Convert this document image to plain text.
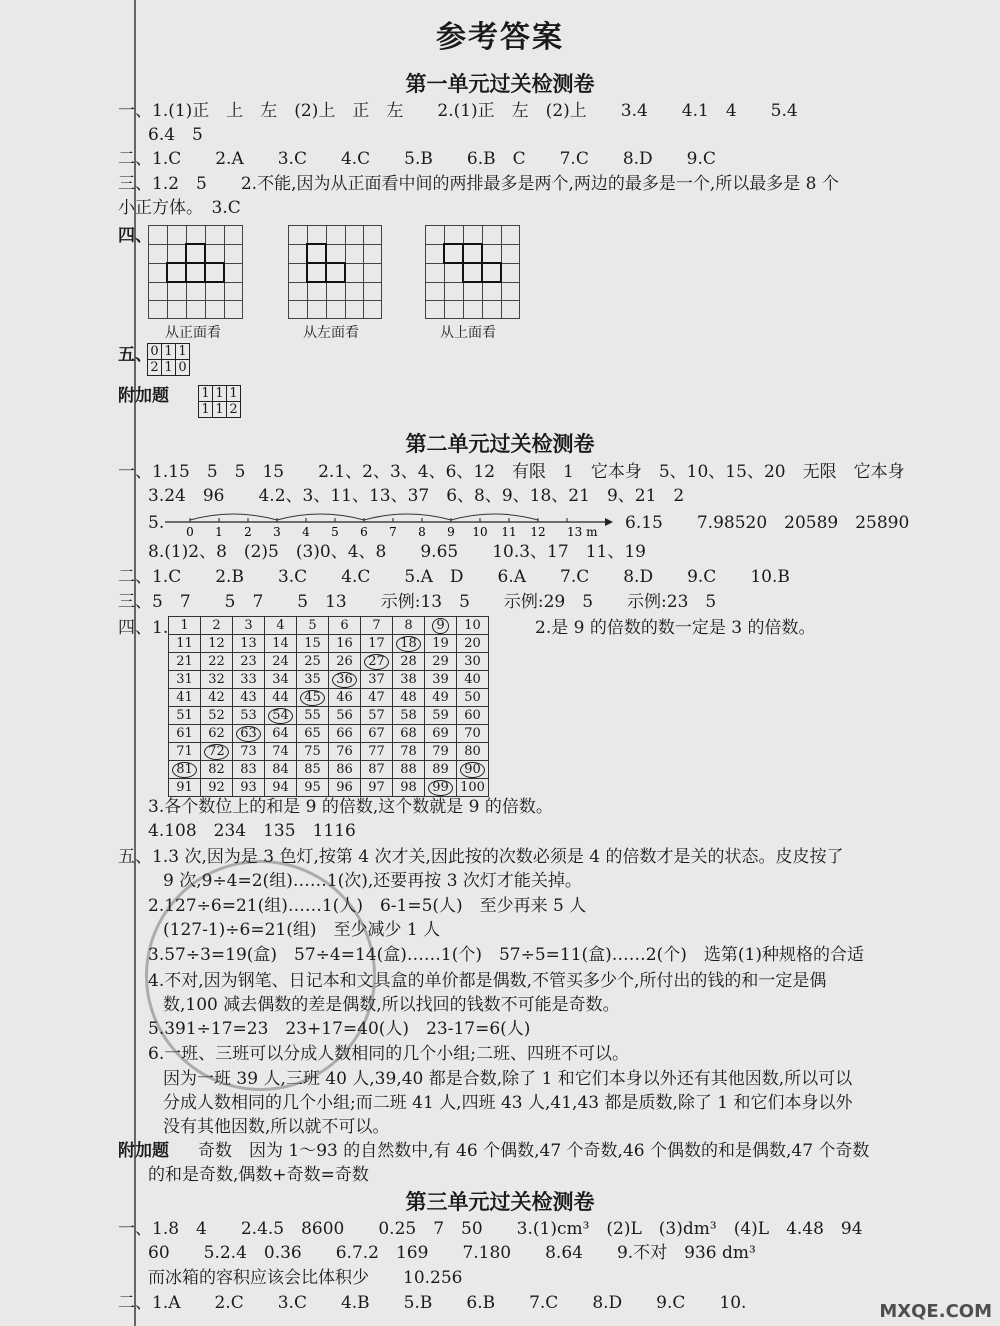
参考答案
第一单元过关检测卷
一、1.(1)正　上　左　(2)上　正　左　　2.(1)正　左　(2)上　　3.4　　4.1　4　　5.4
6.4　5
二、1.C　　2.A　　3.C　　4.C　　5.B　　6.B　C　　7.C　　8.D　　9.C
三、1.2　5　　2.不能,因为从正面看中间的两排最多是两个,两边的最多是一个,所以最多是 8 个
小正方体。　3.C
四、

从正面看	从左面看	从上面看
五、
0	1	1
2	1	0
附加题 1	1	1
1	1	2
第二单元过关检测卷
一、1.15　5　5　15　　2.1、2、3、4、6、12　有限　1　它本身　5、10、15、20　无限　它本身
3.24　96　　4.2、3、11、13、37　6、8、9、18、21　9、21　2
5. 0 1 2 3 4 5 6 7 8 9 10 11 12 13 m 6.15　　7.98520　20589　25890
8.(1)2、8　(2)5　(3)0、4、8　　9.65　　10.3、17　11、19
二、1.C　　2.B　　3.C　　4.C　　5.A　D　　6.A　　7.C　　8.D　　9.C　　10.B
三、5　7　　5　7　　5　13　　示例:13　5　　示例:29　5　　示例:23　5
四、1. 1	2	3	4	5	6	7	8	9	10
11	12	13	14	15	16	17	18	19	20
21	22	23	24	25	26	27	28	29	30
31	32	33	34	35	36	37	38	39	40
41	42	43	44	45	46	47	48	49	50
51	52	53	54	55	56	57	58	59	60
61	62	63	64	65	66	67	68	69	70
71	72	73	74	75	76	77	78	79	80
81	82	83	84	85	86	87	88	89	90
91	92	93	94	95	96	97	98	99	100
2.是 9 的倍数的数一定是 3 的倍数。
3.各个数位上的和是 9 的倍数,这个数就是 9 的倍数。
4.108　234　135　1116
五、1.3 次,因为是 3 色灯,按第 4 次才关,因此按的次数必须是 4 的倍数才是关的状态。皮皮按了
9 次,9÷4=2(组)……1(次),还要再按 3 次灯才能关掉。
2.127÷6=21(组)……1(人)　6-1=5(人)　至少再来 5 人
(127-1)÷6=21(组)　至少减少 1 人
3.57÷3=19(盒)　57÷4=14(盒)……1(个)　57÷5=11(盒)……2(个)　选第(1)种规格的合适
4.不对,因为钢笔、日记本和文具盒的单价都是偶数,不管买多少个,所付出的钱的和一定是偶
数,100 减去偶数的差是偶数,所以找回的钱数不可能是奇数。
5.391÷17=23　23+17=40(人)　23-17=6(人)
6.一班、三班可以分成人数相同的几个小组;二班、四班不可以。
因为一班 39 人,三班 40 人,39,40 都是合数,除了 1 和它们本身以外还有其他因数,所以可以
分成人数相同的几个小组;而二班 41 人,四班 43 人,41,43 都是质数,除了 1 和它们本身以外
没有其他因数,所以就不可以。
附加题 奇数　因为 1～93 的自然数中,有 46 个偶数,47 个奇数,46 个偶数的和是偶数,47 个奇数
的和是奇数,偶数+奇数=奇数
第三单元过关检测卷
一、1.8　4　　2.4.5　8600　　0.25　7　50　　3.(1)cm³　(2)L　(3)dm³　(4)L　4.48　94
60　　5.2.4　0.36　　6.7.2　169　　7.180　　8.64　　9.不对　936 dm³
而冰箱的容积应该会比体积少　　10.256
二、1.A　　2.C　　3.C　　4.B　　5.B　　6.B　　7.C　　8.D　　9.C　　10.	MXQE.COM
